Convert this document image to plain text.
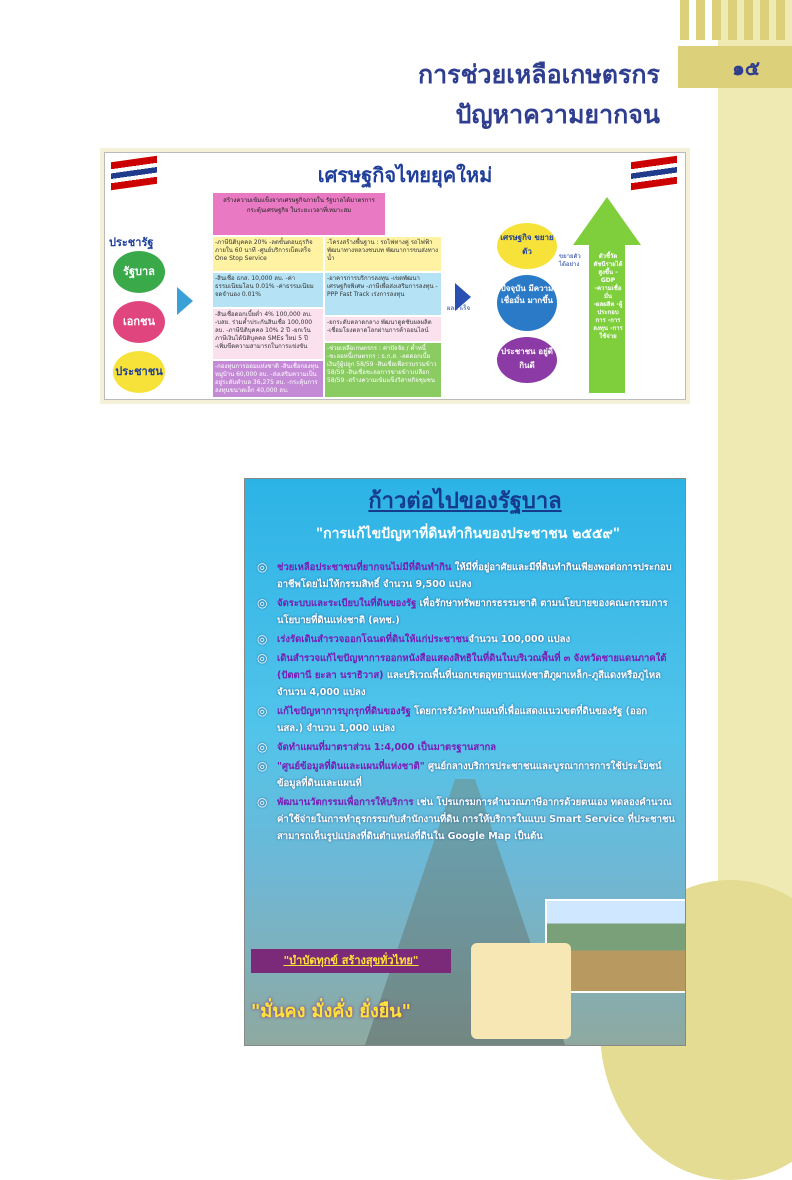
๑๕
การช่วยเหลือเกษตรกร
ปัญหาความยากจน
เศรษฐกิจไทยยุคใหม่
สร้างความเข้มแข็งจากเศรษฐกิจภายใน รัฐบาลได้มาตรการกระตุ้นเศรษฐกิจ ในระยะเวลาที่เหมาะสม
ประชารัฐ
รัฐบาล
เอกชน
ประชาชน
-ภาษีนิติบุคคล 20% -ลดขั้นตอนธุรกิจภายใน 60 นาที -ศูนย์บริการเบ็ดเสร็จ One Stop Service
-โครงสร้างพื้นฐาน : รถไฟทางคู่ รถไฟฟ้า พัฒนาทางหลวงชนบท พัฒนาการขนส่งทางน้ำ
-สินเชื่อ ธกส. 10,000 ลบ. -ค่าธรรมเนียมโอน 0.01% -ค่าธรรมเนียมจดจำนอง 0.01%
-อาคารการบริการลงทุน -เขตพัฒนาเศรษฐกิจพิเศษ -ภาษีเพื่อส่งเสริมการลงทุน -PPP Fast Track เร่งการลงทุน
-สินเชื่อดอกเบี้ยต่ำ 4% 100,000 ลบ. -บสย. ร่วมค้ำประกันสินเชื่อ 100,000 ลบ. -ภาษีนิติบุคคล 10% 2 ปี -ยกเว้นภาษีเงินได้นิติบุคคล SMEs ใหม่ 5 ปี -เพิ่มขีดความสามารถในการแข่งขัน
-ยกระดับตลาดกลาง พัฒนาดูดซับผลผลิต -เชื่อมโยงตลาดโลกผ่านการค้าออนไลน์
-กองทุนการออมแห่งชาติ -สินเชื่อกองทุนหมู่บ้าน 60,000 ลบ. -ส่งเสริมความเป็นอยู่ระดับตำบล 36,275 ลบ. -กระตุ้นการลงทุนขนาดเล็ก 40,000 ลบ.
-ช่วยเหลือเกษตรกร : ค่าปัจจัย / ค้ำหนี้ -ชะลอหนี้เกษตรกร : ธ.ก.ส. -ลดดอกเบี้ยเงินกู้ผู้ปลูก 58/59 -สินเชื่อเพื่อรวบรวมข้าว 58/59 -สินเชื่อชะลอการขายข้าวเปลือก 58/59 -สร้างความเข้มแข็งวิสาหกิจชุมชน
ผลสำเร็จ
เศรษฐกิจ ขยายตัว
ปัจจุบัน มีความ เชื่อมั่น มากขึ้น
ประชาชน อยู่ดีกินดี
ขยายตัว ได้อย่าง
ตัวชี้วัด ดัชนีรายได้ สูงขึ้น -GDP -ความเชื่อมั่น -ผลผลิต -ผู้ประกอบการ -การลงทุน -การใช้จ่าย
ก้าวต่อไปของรัฐบาล
"การแก้ไขปัญหาที่ดินทำกินของประชาชน ๒๕๕๙"
◎ ช่วยเหลือประชาชนที่ยากจนไม่มีที่ดินทำกิน ให้มีที่อยู่อาศัยและมีที่ดินทำกินเพียงพอต่อการประกอบอาชีพโดยไม่ให้กรรมสิทธิ์ จำนวน 9,500 แปลง
◎ จัดระบบและระเบียบในที่ดินของรัฐ เพื่อรักษาทรัพยากรธรรมชาติ ตามนโยบายของคณะกรรมการนโยบายที่ดินแห่งชาติ (คทช.)
◎ เร่งรัดเดินสำรวจออกโฉนดที่ดินให้แก่ประชาชนจำนวน 100,000 แปลง
◎ เดินสำรวจแก้ไขปัญหาการออกหนังสือแสดงสิทธิในที่ดินในบริเวณพื้นที่ ๓ จังหวัดชายแดนภาคใต้ (ปัตตานี ยะลา นราธิวาส) และบริเวณพื้นที่นอกเขตอุทยานแห่งชาติภูผาเหล็ก-ภูสีแดงหรือภูไหล จำนวน 4,000 แปลง
◎ แก้ไขปัญหาการบุกรุกที่ดินของรัฐ โดยการรังวัดทำแผนที่เพื่อแสดงแนวเขตที่ดินของรัฐ (ออก นสล.) จำนวน 1,000 แปลง
◎ จัดทำแผนที่มาตราส่วน 1:4,000 เป็นมาตรฐานสากล
◎ "ศูนย์ข้อมูลที่ดินและแผนที่แห่งชาติ" ศูนย์กลางบริการประชาชนและบูรณาการการใช้ประโยชน์ข้อมูลที่ดินและแผนที่
◎ พัฒนานวัตกรรมเพื่อการให้บริการ เช่น โปรแกรมการคำนวณภาษีอากรด้วยตนเอง ทดลองคำนวณค่าใช้จ่ายในการทำธุรกรรมกับสำนักงานที่ดิน การให้บริการในแบบ Smart Service ที่ประชาชนสามารถเห็นรูปแปลงที่ดินตำแหน่งที่ดินใน Google Map เป็นต้น
"บำบัดทุกข์ สร้างสุขทั่วไทย"
"มั่นคง มั่งคั่ง ยั่งยืน"
